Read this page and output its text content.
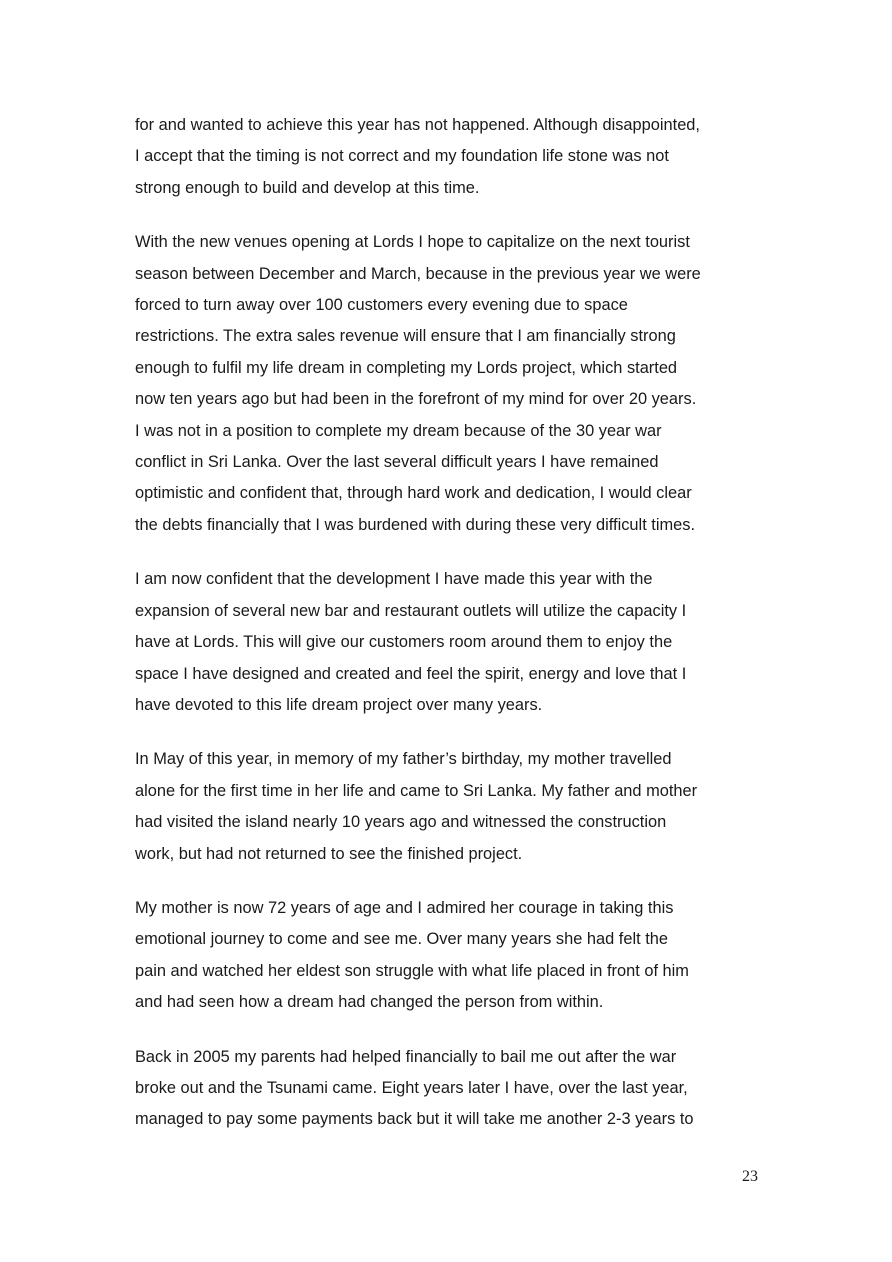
for and wanted to achieve this year has not happened. Although disappointed,
I accept that the timing is not correct and my foundation life stone was not
strong enough to build and develop at this time.

With the new venues opening at Lords I hope to capitalize on the next tourist
season between December and March, because in the previous year we were
forced to turn away over 100 customers every evening due to space
restrictions. The extra sales revenue will ensure that I am financially strong
enough to fulfil my life dream in completing my Lords project, which started
now ten years ago but had been in the forefront of my mind for over 20 years.
I was not in a position to complete my dream because of the 30 year war
conflict in Sri Lanka. Over the last several difficult years I have remained
optimistic and confident that, through hard work and dedication, I would clear
the debts financially that I was burdened with during these very difficult times.

I am now confident that the development I have made this year with the
expansion of several new bar and restaurant outlets will utilize the capacity I
have at Lords. This will give our customers room around them to enjoy the
space I have designed and created and feel the spirit, energy and love that I
have devoted to this life dream project over many years.

In May of this year, in memory of my father’s birthday, my mother travelled
alone for the first time in her life and came to Sri Lanka. My father and mother
had visited the island nearly 10 years ago and witnessed the construction
work, but had not returned to see the finished project.

My mother is now 72 years of age and I admired her courage in taking this
emotional journey to come and see me. Over many years she had felt the
pain and watched her eldest son struggle with what life placed in front of him
and had seen how a dream had changed the person from within.

Back in 2005 my parents had helped financially to bail me out after the war
broke out and the Tsunami came. Eight years later I have, over the last year,
managed to pay some payments back but it will take me another 2-3 years to

23
